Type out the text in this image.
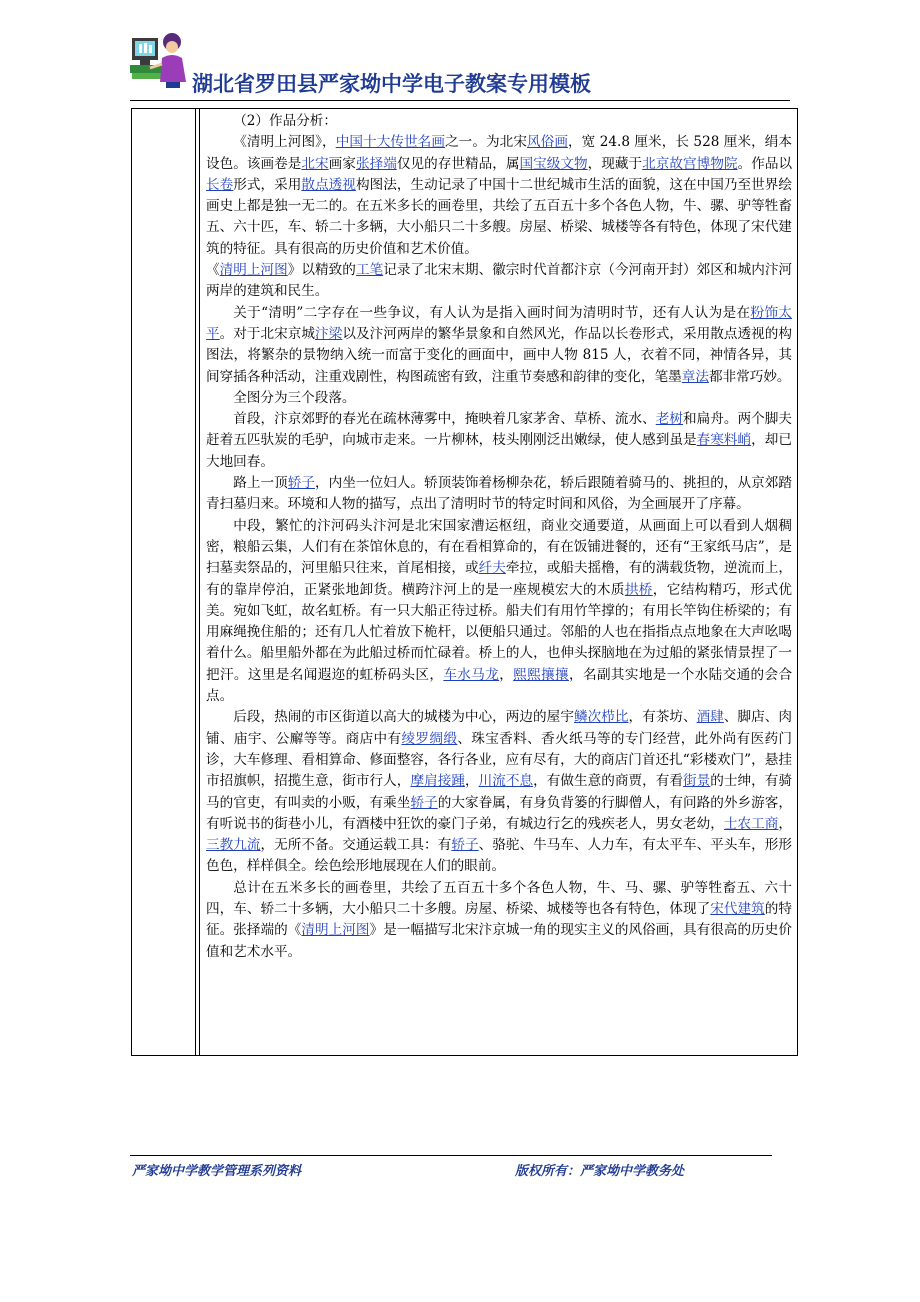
湖北省罗田县严家坳中学电子教案专用模板

（2）作品分析：

《清明上河图》，中国十大传世名画之一。为北宋风俗画，宽 24.8 厘米，长 528 厘米，绢本设色。该画卷是北宋画家张择端仅见的存世精品，属国宝级文物，现藏于北京故宫博物院。作品以长卷形式，采用散点透视构图法，生动记录了中国十二世纪城市生活的面貌，这在中国乃至世界绘画史上都是独一无二的。在五米多长的画卷里，共绘了五百五十多个各色人物，牛、骡、驴等牲畜五、六十匹，车、轿二十多辆，大小船只二十多艘。房屋、桥梁、城楼等各有特色，体现了宋代建筑的特征。具有很高的历史价值和艺术价值。

《清明上河图》以精致的工笔记录了北宋末期、徽宗时代首都汴京（今河南开封）郊区和城内汴河两岸的建筑和民生。

关于“清明”二字存在一些争议，有人认为是指入画时间为清明时节，还有人认为是在粉饰太平。对于北宋京城汴梁以及汴河两岸的繁华景象和自然风光，作品以长卷形式，采用散点透视的构图法，将繁杂的景物纳入统一而富于变化的画面中，画中人物 815 人，衣着不同，神情各异，其间穿插各种活动，注重戏剧性，构图疏密有致，注重节奏感和韵律的变化，笔墨章法都非常巧妙。

全图分为三个段落。

首段，汴京郊野的春光在疏林薄雾中，掩映着几家茅舍、草桥、流水、老树和扁舟。两个脚夫赶着五匹驮炭的毛驴，向城市走来。一片柳林，枝头刚刚泛出嫩绿，使人感到虽是春寒料峭，却已大地回春。

路上一顶轿子，内坐一位妇人。轿顶装饰着杨柳杂花，轿后跟随着骑马的、挑担的，从京郊踏青扫墓归来。环境和人物的描写，点出了清明时节的特定时间和风俗，为全画展开了序幕。

中段，繁忙的汴河码头汴河是北宋国家漕运枢纽，商业交通要道，从画面上可以看到人烟稠密，粮船云集，人们有在茶馆休息的，有在看相算命的，有在饭铺进餐的，还有“王家纸马店”，是扫墓卖祭品的，河里船只往来，首尾相接，或纤夫牵拉，或船夫摇橹，有的满载货物，逆流而上，有的靠岸停泊，正紧张地卸货。横跨汴河上的是一座规模宏大的木质拱桥，它结构精巧，形式优美。宛如飞虹，故名虹桥。有一只大船正待过桥。船夫们有用竹竿撑的；有用长竿钩住桥梁的；有用麻绳挽住船的；还有几人忙着放下桅杆，以便船只通过。邻船的人也在指指点点地象在大声吆喝着什么。船里船外都在为此船过桥而忙碌着。桥上的人，也伸头探脑地在为过船的紧张情景捏了一把汗。这里是名闻遐迩的虹桥码头区，车水马龙，熙熙攘攘，名副其实地是一个水陆交通的会合点。

后段，热闹的市区街道以高大的城楼为中心，两边的屋宇鳞次栉比，有茶坊、酒肆、脚店、肉铺、庙宇、公廨等等。商店中有绫罗绸缎、珠宝香料、香火纸马等的专门经营，此外尚有医药门诊，大车修理、看相算命、修面整容，各行各业，应有尽有，大的商店门首还扎“彩楼欢门”，悬挂市招旗帜，招揽生意，街市行人，摩肩接踵，川流不息，有做生意的商贾，有看街景的士绅，有骑马的官吏，有叫卖的小贩，有乘坐轿子的大家眷属，有身负背篓的行脚僧人，有问路的外乡游客，有听说书的街巷小儿，有酒楼中狂饮的豪门子弟，有城边行乞的残疾老人，男女老幼，士农工商，三教九流，无所不备。交通运载工具：有轿子、骆驼、牛马车、人力车，有太平车、平头车，形形色色，样样俱全。绘色绘形地展现在人们的眼前。

总计在五米多长的画卷里，共绘了五百五十多个各色人物，牛、马、骡、驴等牲畜五、六十四，车、轿二十多辆，大小船只二十多艘。房屋、桥梁、城楼等也各有特色，体现了宋代建筑的特征。张择端的《清明上河图》是一幅描写北宋汴京城一角的现实主义的风俗画，具有很高的历史价值和艺术水平。

严家坳中学教学管理系列资料	版权所有：严家坳中学教务处
